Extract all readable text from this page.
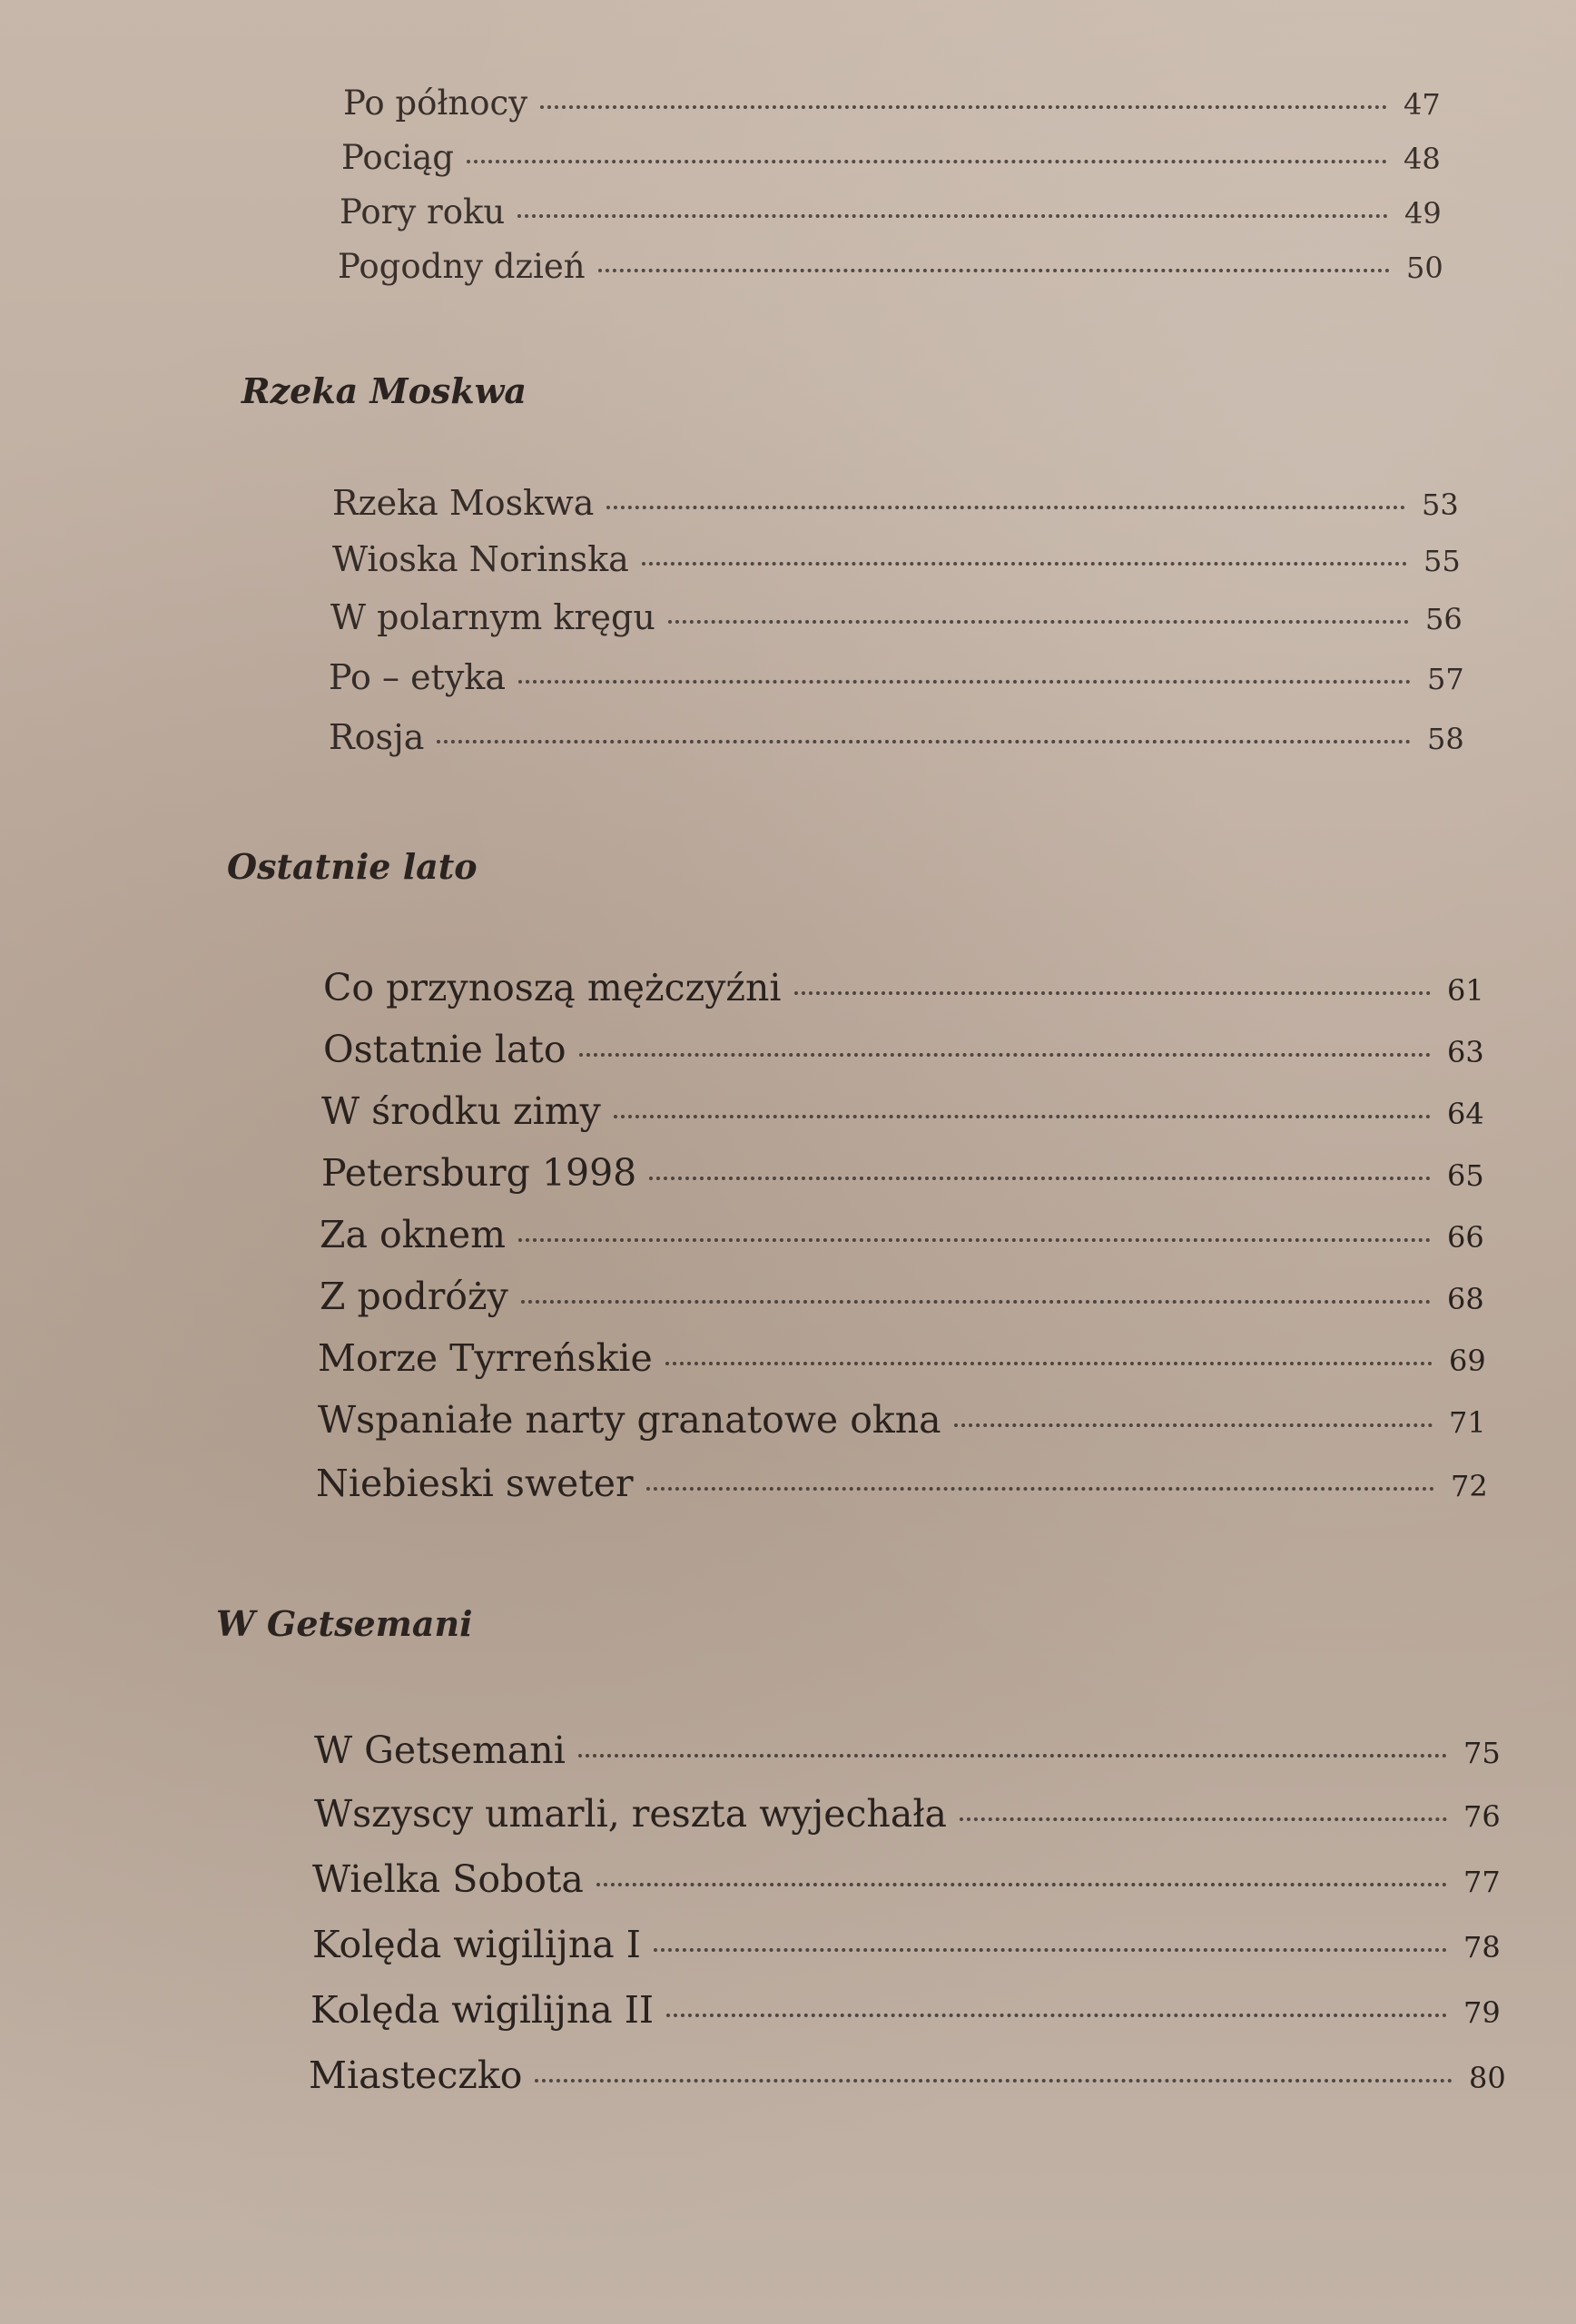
Po północy	47
Pociąg	48
Pory roku	49
Pogodny dzień	50
Rzeka Moskwa
Rzeka Moskwa	53
Wioska Norinska	55
W polarnym kręgu	56
Po – etyka	57
Rosja	58
Ostatnie lato
Co przynoszą mężczyźni	61
Ostatnie lato	63
W środku zimy	64
Petersburg 1998	65
Za oknem	66
Z podróży	68
Morze Tyrreńskie	69
Wspaniałe narty granatowe okna	71
Niebieski sweter	72
W Getsemani
W Getsemani	75
Wszyscy umarli, reszta wyjechała	76
Wielka Sobota	77
Kolęda wigilijna I	78
Kolęda wigilijna II	79
Miasteczko	80
